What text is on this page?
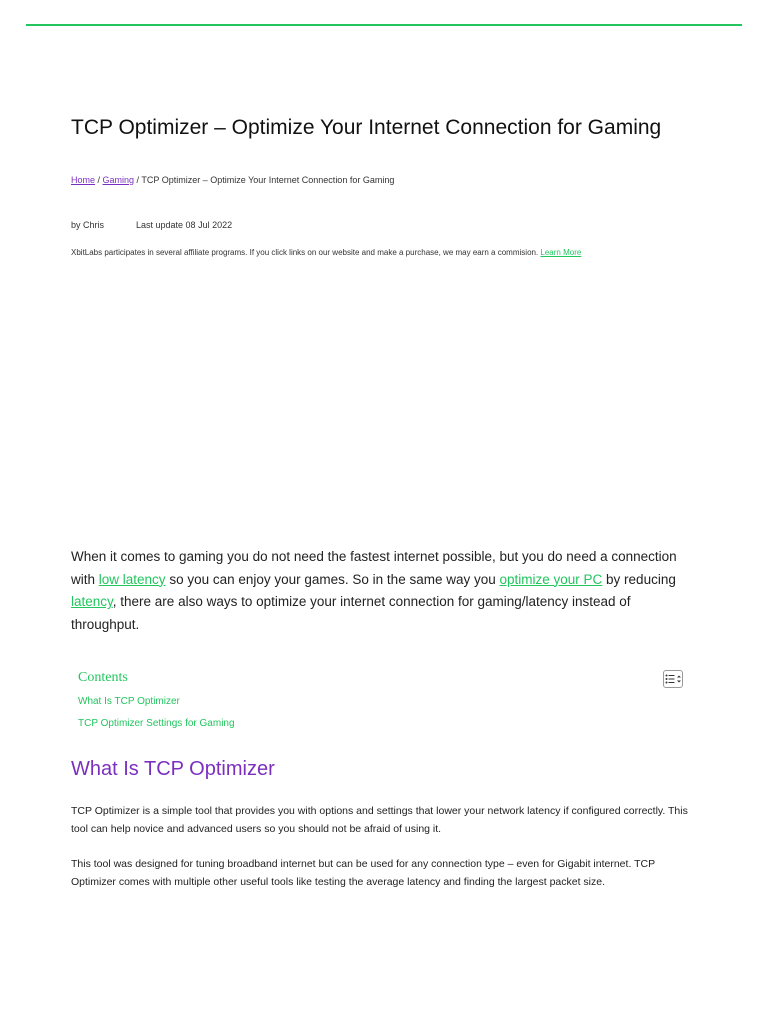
TCP Optimizer – Optimize Your Internet Connection for Gaming
Home / Gaming / TCP Optimizer – Optimize Your Internet Connection for Gaming
by Chris	Last update 08 Jul 2022

XbitLabs participates in several affiliate programs. If you click links on our website and make a purchase, we may earn a commision. Learn More

When it comes to gaming you do not need the fastest internet possible, but you do need a connection with low latency so you can enjoy your games. So in the same way you optimize your PC by reducing latency, there are also ways to optimize your internet connection for gaming/latency instead of throughput.

Contents

What Is TCP Optimizer
TCP Optimizer Settings for Gaming
What Is TCP Optimizer

TCP Optimizer is a simple tool that provides you with options and settings that lower your network latency if configured correctly. This tool can help novice and advanced users so you should not be afraid of using it.

This tool was designed for tuning broadband internet but can be used for any connection type – even for Gigabit internet. TCP Optimizer comes with multiple other useful tools like testing the average latency and finding the largest packet size.
